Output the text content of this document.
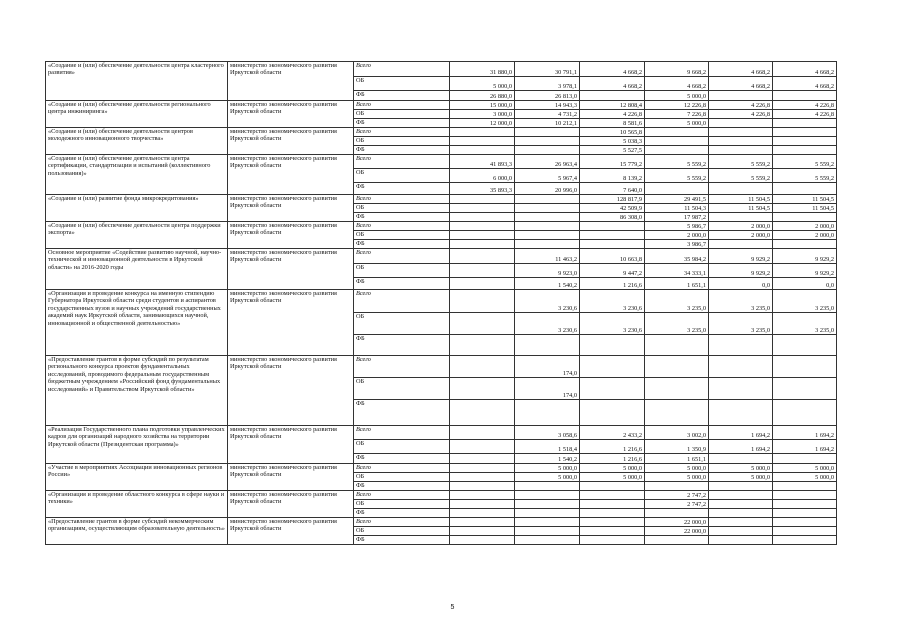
«Создание и (или) обеспечение деятельности центра кластерного развития»	министерство экономического развития Иркутской области	Всего	31 880,0	30 791,1	4 668,2	9 668,2	4 668,2	4 668,2
		ОБ	5 000,0	3 978,1	4 668,2	4 668,2	4 668,2	4 668,2
		ФБ	26 880,0	26 813,0		5 000,0		
«Создание и (или) обеспечение деятельности регионального центра инжиниринга»	министерство экономического развития Иркутской области	Всего	15 000,0	14 943,3	12 808,4	12 226,8	4 226,8	4 226,8
		ОБ	3 000,0	4 731,2	4 226,8	7 226,8	4 226,8	4 226,8
		ФБ	12 000,0	10 212,1	8 581,6	5 000,0		
«Создание и (или) обеспечение деятельности центров молодежного инновационного творчества»	министерство экономического развития Иркутской области	Всего			10 565,8			
		ОБ			5 038,3			
		ФБ			5 527,5			
«Создание и (или) обеспечение деятельности центра сертификации, стандартизации и испытаний (коллективного пользования)»	министерство экономического развития Иркутской области	Всего	41 893,3	26 963,4	15 779,2	5 559,2	5 559,2	5 559,2
		ОБ	6 000,0	5 967,4	8 139,2	5 559,2	5 559,2	5 559,2
		ФБ	35 893,3	20 996,0	7 640,0			
«Создание и (или) развитие фонда микрокредитования»	министерство экономического развития Иркутской области	Всего			128 817,9	29 491,5	11 504,5	11 504,5
		ОБ			42 509,9	11 504,3	11 504,5	11 504,5
		ФБ			86 308,0	17 987,2		
«Создание и (или) обеспечение деятельности центра поддержки экспорта»	министерство экономического развития Иркутской области	Всего				5 986,7	2 000,0	2 000,0
		ОБ				2 000,0	2 000,0	2 000,0
		ФБ				3 986,7		
Основное мероприятие «Содействие развитию научной, научно-технической и инновационной деятельности в Иркутской области» на 2016-2020 годы	министерство экономического развития Иркутской области	Всего		11 463,2	10 663,8	35 984,2	9 929,2	9 929,2
		ОБ		9 923,0	9 447,2	34 333,1	9 929,2	9 929,2
		ФБ		1 540,2	1 216,6	1 651,1	0,0	0,0
«Организация и проведение конкурса на именную стипендию Губернатора Иркутской области среди студентов и аспирантов государственных вузов и научных учреждений государственных академий наук Иркутской области, занимающихся научной, инновационной и общественной деятельностью»	министерство экономического развития Иркутской области	Всего		3 230,6	3 230,6	3 235,0	3 235,0	3 235,0
		ОБ		3 230,6	3 230,6	3 235,0	3 235,0	3 235,0
		ФБ						
«Предоставление грантов в форме субсидий по результатам регионального конкурса проектов фундаментальных исследований, проводимого федеральным государственным бюджетным учреждением «Российский фонд фундаментальных исследований» и Правительством Иркутской области»	министерство экономического развития Иркутской области	Всего		174,0				
		ОБ		174,0				
		ФБ						
«Реализация Государственного плана подготовки управленческих кадров для организаций народного хозяйства на территории Иркутской области (Президентская программа)»	министерство экономического развития Иркутской области	Всего		3 058,6	2 433,2	3 002,0	1 694,2	1 694,2
		ОБ		1 518,4	1 216,6	1 350,9	1 694,2	1 694,2
		ФБ		1 540,2	1 216,6	1 651,1		
«Участие в мероприятиях Ассоциации инновационных регионов России»	министерство экономического развития Иркутской области	Всего		5 000,0	5 000,0	5 000,0	5 000,0	5 000,0
		ОБ		5 000,0	5 000,0	5 000,0	5 000,0	5 000,0
		ФБ						
«Организация и проведение областного конкурса в сфере науки и техники»	министерство экономического развития Иркутской области	Всего				2 747,2		
		ОБ				2 747,2		
		ФБ						
«Предоставление грантов в форме субсидий некоммерческим организациям, осуществляющим образовательную деятельность»	министерство экономического развития Иркутской области	Всего				22 000,0		
		ОБ				22 000,0		
		ФБ						
5
